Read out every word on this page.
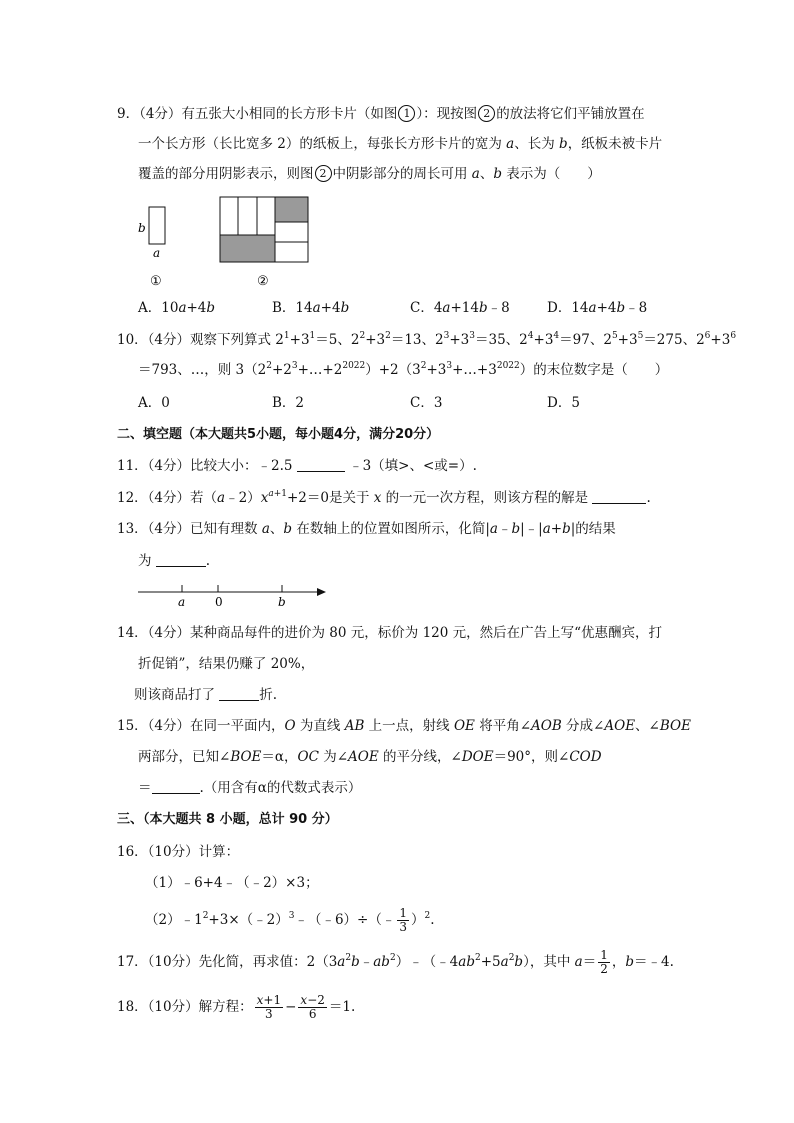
9．（4分）有五张大小相同的长方形卡片（如图 1 ）：现按图 2 的放法将它们平铺放置在
一个长方形（长比宽多 2）的纸板上，每张长方形卡片的宽为 a、长为 b，纸板未被卡片
覆盖的部分用阴影表示，则图 2 中阴影部分的周长可用 a、b 表示为（　　）
b
a
①	②
A．10a+4b	B．14a+4b	C．4a+14b﹣8	D．14a+4b﹣8
10．（4分）观察下列算式 $2^1+3^1=5$、$2^2+3^2=13$、$2^3+3^3=35$、$2^4+3^4=97$、$2^5+3^5=275$、$2^6+3^6$
＝793、…，则 $3(2^2+2^3+\dots+2^{2022})+2(3^2+3^3+\dots+3^{2022})$的末位数字是（　　）
A．0	B．2	C．3	D．5
二、填空题（本大题共5小题，每小题4分，满分20分）
11．（4分）比较大小：﹣2.5	﹣3（填>、<或=）.
12．（4分）若$(a﹣2)x^{a+1}+2=0$是关于 x 的一元一次方程，则该方程的解是	.
13．（4分）已知有理数 a、b 在数轴上的位置如图所示，化简|a﹣b|﹣|a+b|的结果
为	.
a 0	b
14．（4分）某种商品每件的进价为 80 元，标价为 120 元，然后在广告上写“优惠酬宾，打
折促销”，结果仍赚了 20%，
则该商品打了	折.
15．（4分）在同一平面内，O 为直线 AB 上一点，射线 OE 将平角∠AOB 分成∠AOE、∠BOE
两部分，已知∠BOE＝α，OC 为∠AOE 的平分线，∠DOE＝90°，则∠COD
＝	.（用含有α的代数式表示）
三、（本大题共 8 小题，总计 90 分）
16．（10分）计算：
（1）﹣6+4﹣（﹣2）×3；
$(2)﹣1^2+3\times(﹣2)^3﹣(﹣6)\div(﹣ \frac{1}{3} )^2$.
17．（10分）先化简，再求值：$2(3a^2b﹣ab^2)﹣(﹣4ab^2+5a^2b)$，其中 $a= \frac{1}{2}$ ，b＝﹣4.
18．（10分）解方程： $\frac{x+1}{3} - \frac{x-2}{6} =1$.
